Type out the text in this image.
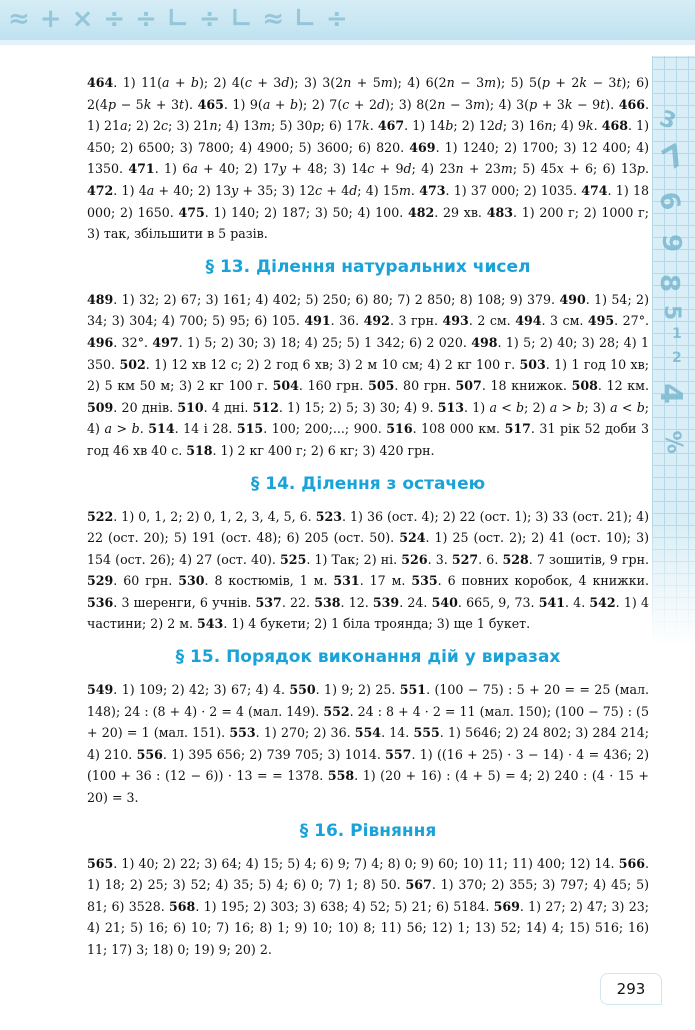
≈+×÷÷∟÷∟≈∟÷
3
7
6
9
8
5
1
2
4
%

464. 1) 11(a + b); 2) 4(c + 3d); 3) 3(2n + 5m); 4) 6(2n − 3m); 5) 5(p + 2k − 3t); 6) 2(4p − 5k + 3t). 465. 1) 9(a + b); 2) 7(c + 2d); 3) 8(2n − 3m); 4) 3(p + 3k − 9t). 466. 1) 21a; 2) 2c; 3) 21n; 4) 13m; 5) 30p; 6) 17k. 467. 1) 14b; 2) 12d; 3) 16n; 4) 9k. 468. 1) 450; 2) 6500; 3) 7800; 4) 4900; 5) 3600; 6) 820. 469. 1) 1240; 2) 1700; 3) 12 400; 4) 1350. 471. 1) 6a + 40; 2) 17y + 48; 3) 14c + 9d; 4) 23n + 23m; 5) 45x + 6; 6) 13p. 472. 1) 4a + 40; 2) 13y + 35; 3) 12c + 4d; 4) 15m. 473. 1) 37 000; 2) 1035. 474. 1) 18 000; 2) 1650. 475. 1) 140; 2) 187; 3) 50; 4) 100. 482. 29 хв. 483. 1) 200 г; 2) 1000 г; 3) так, збільшити в 5 разів.

§ 13. Ділення натуральних чисел

489. 1) 32; 2) 67; 3) 161; 4) 402; 5) 250; 6) 80; 7) 2 850; 8) 108; 9) 379. 490. 1) 54; 2) 34; 3) 304; 4) 700; 5) 95; 6) 105. 491. 36. 492. 3 грн. 493. 2 см. 494. 3 см. 495. 27°. 496. 32°. 497. 1) 5; 2) 30; 3) 18; 4) 25; 5) 1 342; 6) 2 020. 498. 1) 5; 2) 40; 3) 28; 4) 1 350. 502. 1) 12 хв 12 с; 2) 2 год 6 хв; 3) 2 м 10 см; 4) 2 кг 100 г. 503. 1) 1 год 10 хв; 2) 5 км 50 м; 3) 2 кг 100 г. 504. 160 грн. 505. 80 грн. 507. 18 книжок. 508. 12 км. 509. 20 днів. 510. 4 дні. 512. 1) 15; 2) 5; 3) 30; 4) 9. 513. 1) a < b; 2) a > b; 3) a < b; 4) a > b. 514. 14 і 28. 515. 100; 200;...; 900. 516. 108 000 км. 517. 31 рік 52 доби 3 год 46 хв 40 с. 518. 1) 2 кг 400 г; 2) 6 кг; 3) 420 грн.

§ 14. Ділення з остачею

522. 1) 0, 1, 2; 2) 0, 1, 2, 3, 4, 5, 6. 523. 1) 36 (ост. 4); 2) 22 (ост. 1); 3) 33 (ост. 21); 4) 22 (ост. 20); 5) 191 (ост. 48); 6) 205 (ост. 50). 524. 1) 25 (ост. 2); 2) 41 (ост. 10); 3) 154 (ост. 26); 4) 27 (ост. 40). 525. 1) Так; 2) ні. 526. 3. 527. 6. 528. 7 зошитів, 9 грн. 529. 60 грн. 530. 8 костюмів, 1 м. 531. 17 м. 535. 6 повних коробок, 4 книжки. 536. 3 шеренги, 6 учнів. 537. 22. 538. 12. 539. 24. 540. 665, 9, 73. 541. 4. 542. 1) 4 частини; 2) 2 м. 543. 1) 4 букети; 2) 1 біла троянда; 3) ще 1 букет.

§ 15. Порядок виконання дій у виразах

549. 1) 109; 2) 42; 3) 67; 4) 4. 550. 1) 9; 2) 25. 551. (100 − 75) : 5 + 20 = = 25 (мал. 148); 24 : (8 + 4) · 2 = 4 (мал. 149). 552. 24 : 8 + 4 · 2 = 11 (мал. 150); (100 − 75) : (5 + 20) = 1 (мал. 151). 553. 1) 270; 2) 36. 554. 14. 555. 1) 5646; 2) 24 802; 3) 284 214; 4) 210. 556. 1) 395 656; 2) 739 705; 3) 1014. 557. 1) ((16 + 25) · 3 − 14) · 4 = 436; 2) (100 + 36 : (12 − 6)) · 13 = = 1378. 558. 1) (20 + 16) : (4 + 5) = 4; 2) 240 : (4 · 15 + 20) = 3.

§ 16. Рівняння

565. 1) 40; 2) 22; 3) 64; 4) 15; 5) 4; 6) 9; 7) 4; 8) 0; 9) 60; 10) 11; 11) 400; 12) 14. 566. 1) 18; 2) 25; 3) 52; 4) 35; 5) 4; 6) 0; 7) 1; 8) 50. 567. 1) 370; 2) 355; 3) 797; 4) 45; 5) 81; 6) 3528. 568. 1) 195; 2) 303; 3) 638; 4) 52; 5) 21; 6) 5184. 569. 1) 27; 2) 47; 3) 23; 4) 21; 5) 16; 6) 10; 7) 16; 8) 1; 9) 10; 10) 8; 11) 56; 12) 1; 13) 52; 14) 4; 15) 516; 16) 11; 17) 3; 18) 0; 19) 9; 20) 2.

293
